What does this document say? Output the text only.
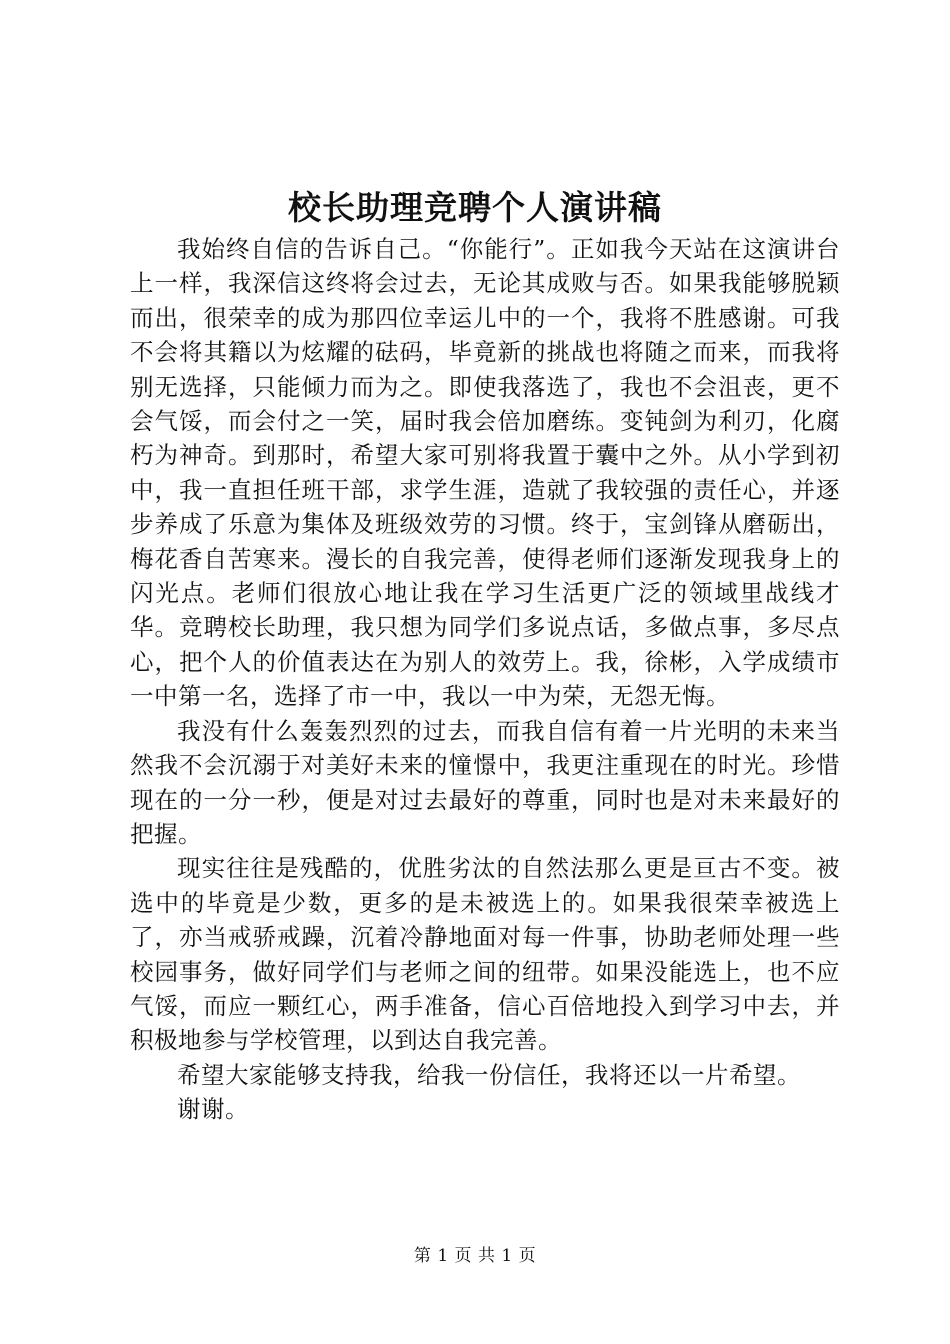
校长助理竞聘个人演讲稿

我始终自信的告诉自己。“你能行”。正如我今天站在这演讲台上一样，我深信这终将会过去，无论其成败与否。如果我能够脱颖而出，很荣幸的成为那四位幸运儿中的一个，我将不胜感谢。可我不会将其籍以为炫耀的砝码，毕竟新的挑战也将随之而来，而我将别无选择，只能倾力而为之。即使我落选了，我也不会沮丧，更不会气馁，而会付之一笑，届时我会倍加磨练。变钝剑为利刃，化腐朽为神奇。到那时，希望大家可别将我置于囊中之外。从小学到初中，我一直担任班干部，求学生涯，造就了我较强的责任心，并逐步养成了乐意为集体及班级效劳的习惯。终于，宝剑锋从磨砺出，梅花香自苦寒来。漫长的自我完善，使得老师们逐渐发现我身上的闪光点。老师们很放心地让我在学习生活更广泛的领域里战线才华。竞聘校长助理，我只想为同学们多说点话，多做点事，多尽点心，把个人的价值表达在为别人的效劳上。我，徐彬，入学成绩市一中第一名，选择了市一中，我以一中为荣，无怨无悔。

我没有什么轰轰烈烈的过去，而我自信有着一片光明的未来当然我不会沉溺于对美好未来的憧憬中，我更注重现在的时光。珍惜现在的一分一秒，便是对过去最好的尊重，同时也是对未来最好的把握。

现实往往是残酷的，优胜劣汰的自然法那么更是亘古不变。被选中的毕竟是少数，更多的是未被选上的。如果我很荣幸被选上了，亦当戒骄戒躁，沉着冷静地面对每一件事，协助老师处理一些校园事务，做好同学们与老师之间的纽带。如果没能选上，也不应气馁，而应一颗红心，两手准备，信心百倍地投入到学习中去，并积极地参与学校管理，以到达自我完善。

希望大家能够支持我，给我一份信任，我将还以一片希望。

谢谢。

第 1 页 共 1 页
